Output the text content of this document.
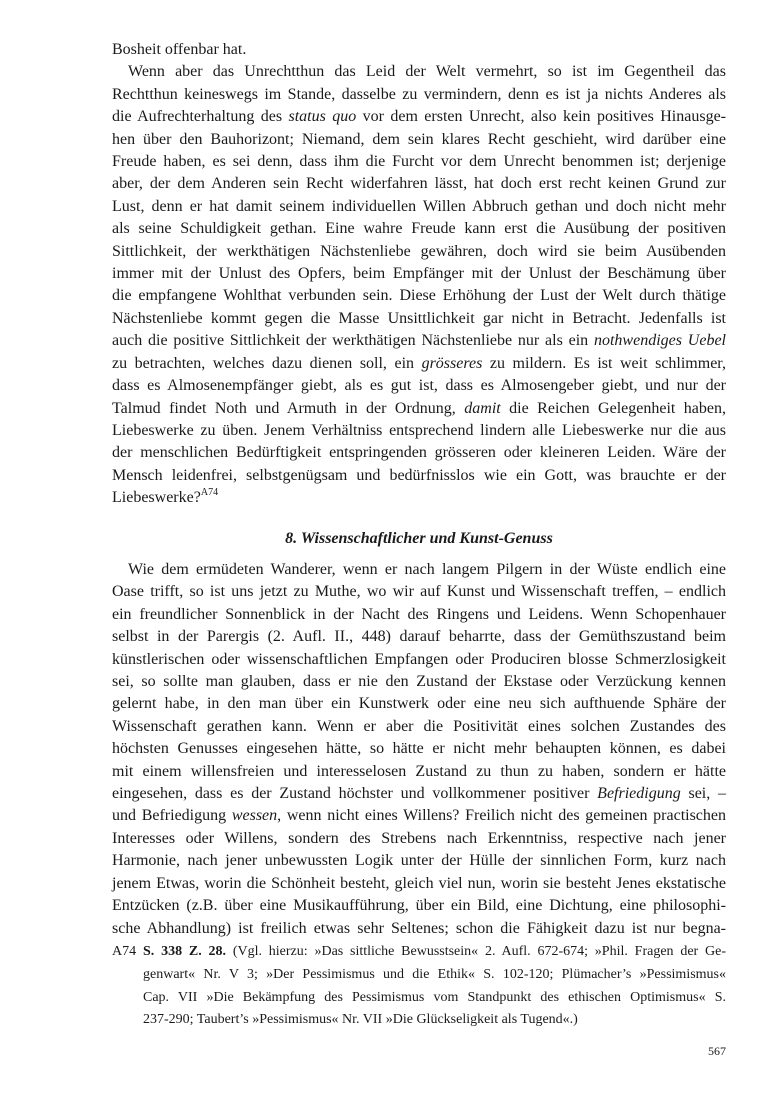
Bosheit offenbar hat.
Wenn aber das Unrechtthun das Leid der Welt vermehrt, so ist im Gegentheil das
Rechtthun keineswegs im Stande, dasselbe zu vermindern, denn es ist ja nichts Anderes als
die Aufrechterhaltung des status quo vor dem ersten Unrecht, also kein positives Hinausge-
hen über den Bauhorizont; Niemand, dem sein klares Recht geschieht, wird darüber eine
Freude haben, es sei denn, dass ihm die Furcht vor dem Unrecht benommen ist; derjenige
aber, der dem Anderen sein Recht widerfahren lässt, hat doch erst recht keinen Grund zur
Lust, denn er hat damit seinem individuellen Willen Abbruch gethan und doch nicht mehr
als seine Schuldigkeit gethan. Eine wahre Freude kann erst die Ausübung der positiven
Sittlichkeit, der werkthätigen Nächstenliebe gewähren, doch wird sie beim Ausübenden
immer mit der Unlust des Opfers, beim Empfänger mit der Unlust der Beschämung über
die empfangene Wohlthat verbunden sein. Diese Erhöhung der Lust der Welt durch thätige
Nächstenliebe kommt gegen die Masse Unsittlichkeit gar nicht in Betracht. Jedenfalls ist
auch die positive Sittlichkeit der werkthätigen Nächstenliebe nur als ein nothwendiges Uebel
zu betrachten, welches dazu dienen soll, ein grösseres zu mildern. Es ist weit schlimmer,
dass es Almosenempfänger giebt, als es gut ist, dass es Almosengeber giebt, und nur der
Talmud findet Noth und Armuth in der Ordnung, damit die Reichen Gelegenheit haben,
Liebeswerke zu üben. Jenem Verhältniss entsprechend lindern alle Liebeswerke nur die aus
der menschlichen Bedürftigkeit entspringenden grösseren oder kleineren Leiden. Wäre der
Mensch leidenfrei, selbstgenügsam und bedürfnisslos wie ein Gott, was brauchte er der
Liebeswerke?$^{A74}$
8. Wissenschaftlicher und Kunst-Genuss
Wie dem ermüdeten Wanderer, wenn er nach langem Pilgern in der Wüste endlich eine
Oase trifft, so ist uns jetzt zu Muthe, wo wir auf Kunst und Wissenschaft treffen, – endlich
ein freundlicher Sonnenblick in der Nacht des Ringens und Leidens. Wenn Schopenhauer
selbst in der Parergis (2. Aufl. II., 448) darauf beharrte, dass der Gemüthszustand beim
künstlerischen oder wissenschaftlichen Empfangen oder Produciren blosse Schmerzlosigkeit
sei, so sollte man glauben, dass er nie den Zustand der Ekstase oder Verzückung kennen
gelernt habe, in den man über ein Kunstwerk oder eine neu sich aufthuende Sphäre der
Wissenschaft gerathen kann. Wenn er aber die Positivität eines solchen Zustandes des
höchsten Genusses eingesehen hätte, so hätte er nicht mehr behaupten können, es dabei
mit einem willensfreien und interesselosen Zustand zu thun zu haben, sondern er hätte
eingesehen, dass es der Zustand höchster und vollkommener positiver Befriedigung sei, –
und Befriedigung wessen, wenn nicht eines Willens? Freilich nicht des gemeinen practischen
Interesses oder Willens, sondern des Strebens nach Erkenntniss, respective nach jener
Harmonie, nach jener unbewussten Logik unter der Hülle der sinnlichen Form, kurz nach
jenem Etwas, worin die Schönheit besteht, gleich viel nun, worin sie besteht Jenes ekstatische
Entzücken (z.B. über eine Musikaufführung, über ein Bild, eine Dichtung, eine philosophi-
sche Abhandlung) ist freilich etwas sehr Seltenes; schon die Fähigkeit dazu ist nur begna-
A74 S. 338 Z. 28. (Vgl. hierzu: »Das sittliche Bewusstsein« 2. Aufl. 672-674; »Phil. Fragen der Ge-
genwart« Nr. V 3; »Der Pessimismus und die Ethik« S. 102-120; Plümacher’s »Pessimismus«
Cap. VII »Die Bekämpfung des Pessimismus vom Standpunkt des ethischen Optimismus« S.
237-290; Taubert’s »Pessimismus« Nr. VII »Die Glückseligkeit als Tugend«.)
567
